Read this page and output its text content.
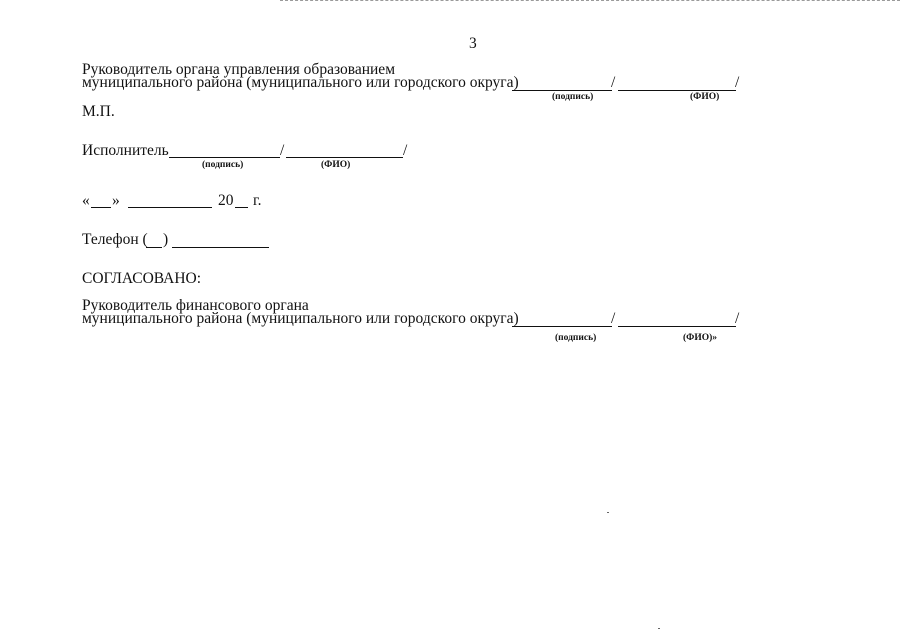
3
Руководитель органа управления образованием
муниципального района (муниципального или городского округа)	/	/
(подпись)	(ФИО)
М.П.
Исполнитель	/	/
(подпись)	(ФИО)
« »	20 г.
Телефон ( )
СОГЛАСОВАНО:
Руководитель финансового органа
муниципального района (муниципального или городского округа)	/	/
(подпись)	(ФИО)»
